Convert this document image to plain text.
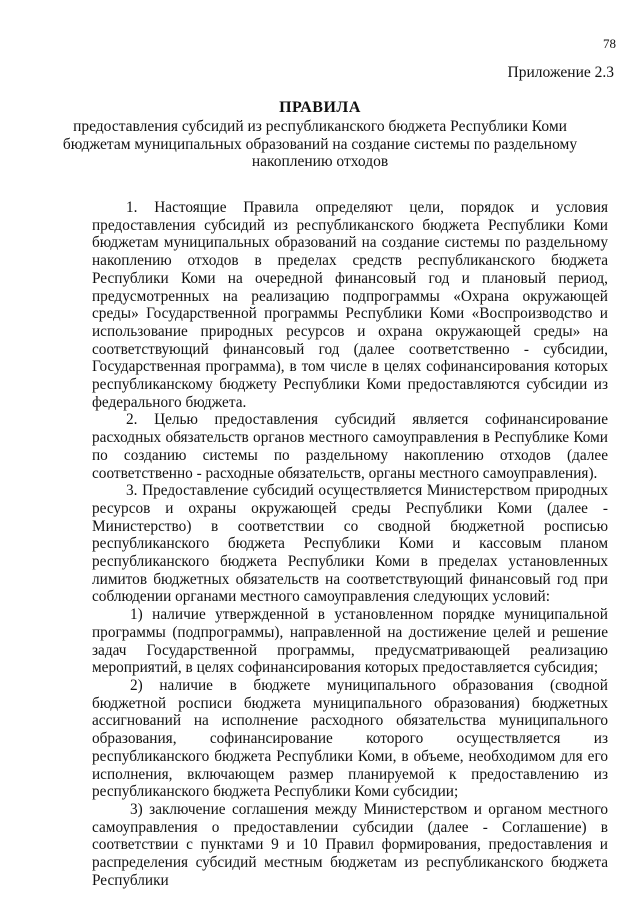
78
Приложение 2.3
ПРАВИЛА
предоставления субсидий из республиканского бюджета Республики Коми бюджетам муниципальных образований на создание системы по раздельному накоплению отходов

1. Настоящие Правила определяют цели, порядок и условия предоставления субсидий из республиканского бюджета Республики Коми бюджетам муниципальных образований на создание системы по раздельному накоплению отходов в пределах средств республиканского бюджета Республики Коми на очередной финансовый год и плановый период, предусмотренных на реализацию подпрограммы «Охрана окружающей среды» Государственной программы Республики Коми «Воспроизводство и использование природных ресурсов и охрана окружающей среды» на соответствующий финансовый год (далее соответственно - субсидии, Государственная программа), в том числе в целях софинансирования которых республиканскому бюджету Республики Коми предоставляются субсидии из федерального бюджета.

2. Целью предоставления субсидий является софинансирование расходных обязательств органов местного самоуправления в Республике Коми по созданию системы по раздельному накоплению отходов (далее соответственно - расходные обязательств, органы местного самоуправления).

3. Предоставление субсидий осуществляется Министерством природных ресурсов и охраны окружающей среды Республики Коми (далее - Министерство) в соответствии со сводной бюджетной росписью республиканского бюджета Республики Коми и кассовым планом республиканского бюджета Республики Коми в пределах установленных лимитов бюджетных обязательств на соответствующий финансовый год при соблюдении органами местного самоуправления следующих условий:

1) наличие утвержденной в установленном порядке муниципальной программы (подпрограммы), направленной на достижение целей и решение задач Государственной программы, предусматривающей реализацию мероприятий, в целях софинансирования которых предоставляется субсидия;

2) наличие в бюджете муниципального образования (сводной бюджетной росписи бюджета муниципального образования) бюджетных ассигнований на исполнение расходного обязательства муниципального образования, софинансирование которого осуществляется из республиканского бюджета Республики Коми, в объеме, необходимом для его исполнения, включающем размер планируемой к предоставлению из республиканского бюджета Республики Коми субсидии;

3) заключение соглашения между Министерством и органом местного самоуправления о предоставлении субсидии (далее - Соглашение) в соответствии с пунктами 9 и 10 Правил формирования, предоставления и распределения субсидий местным бюджетам из республиканского бюджета Республики
